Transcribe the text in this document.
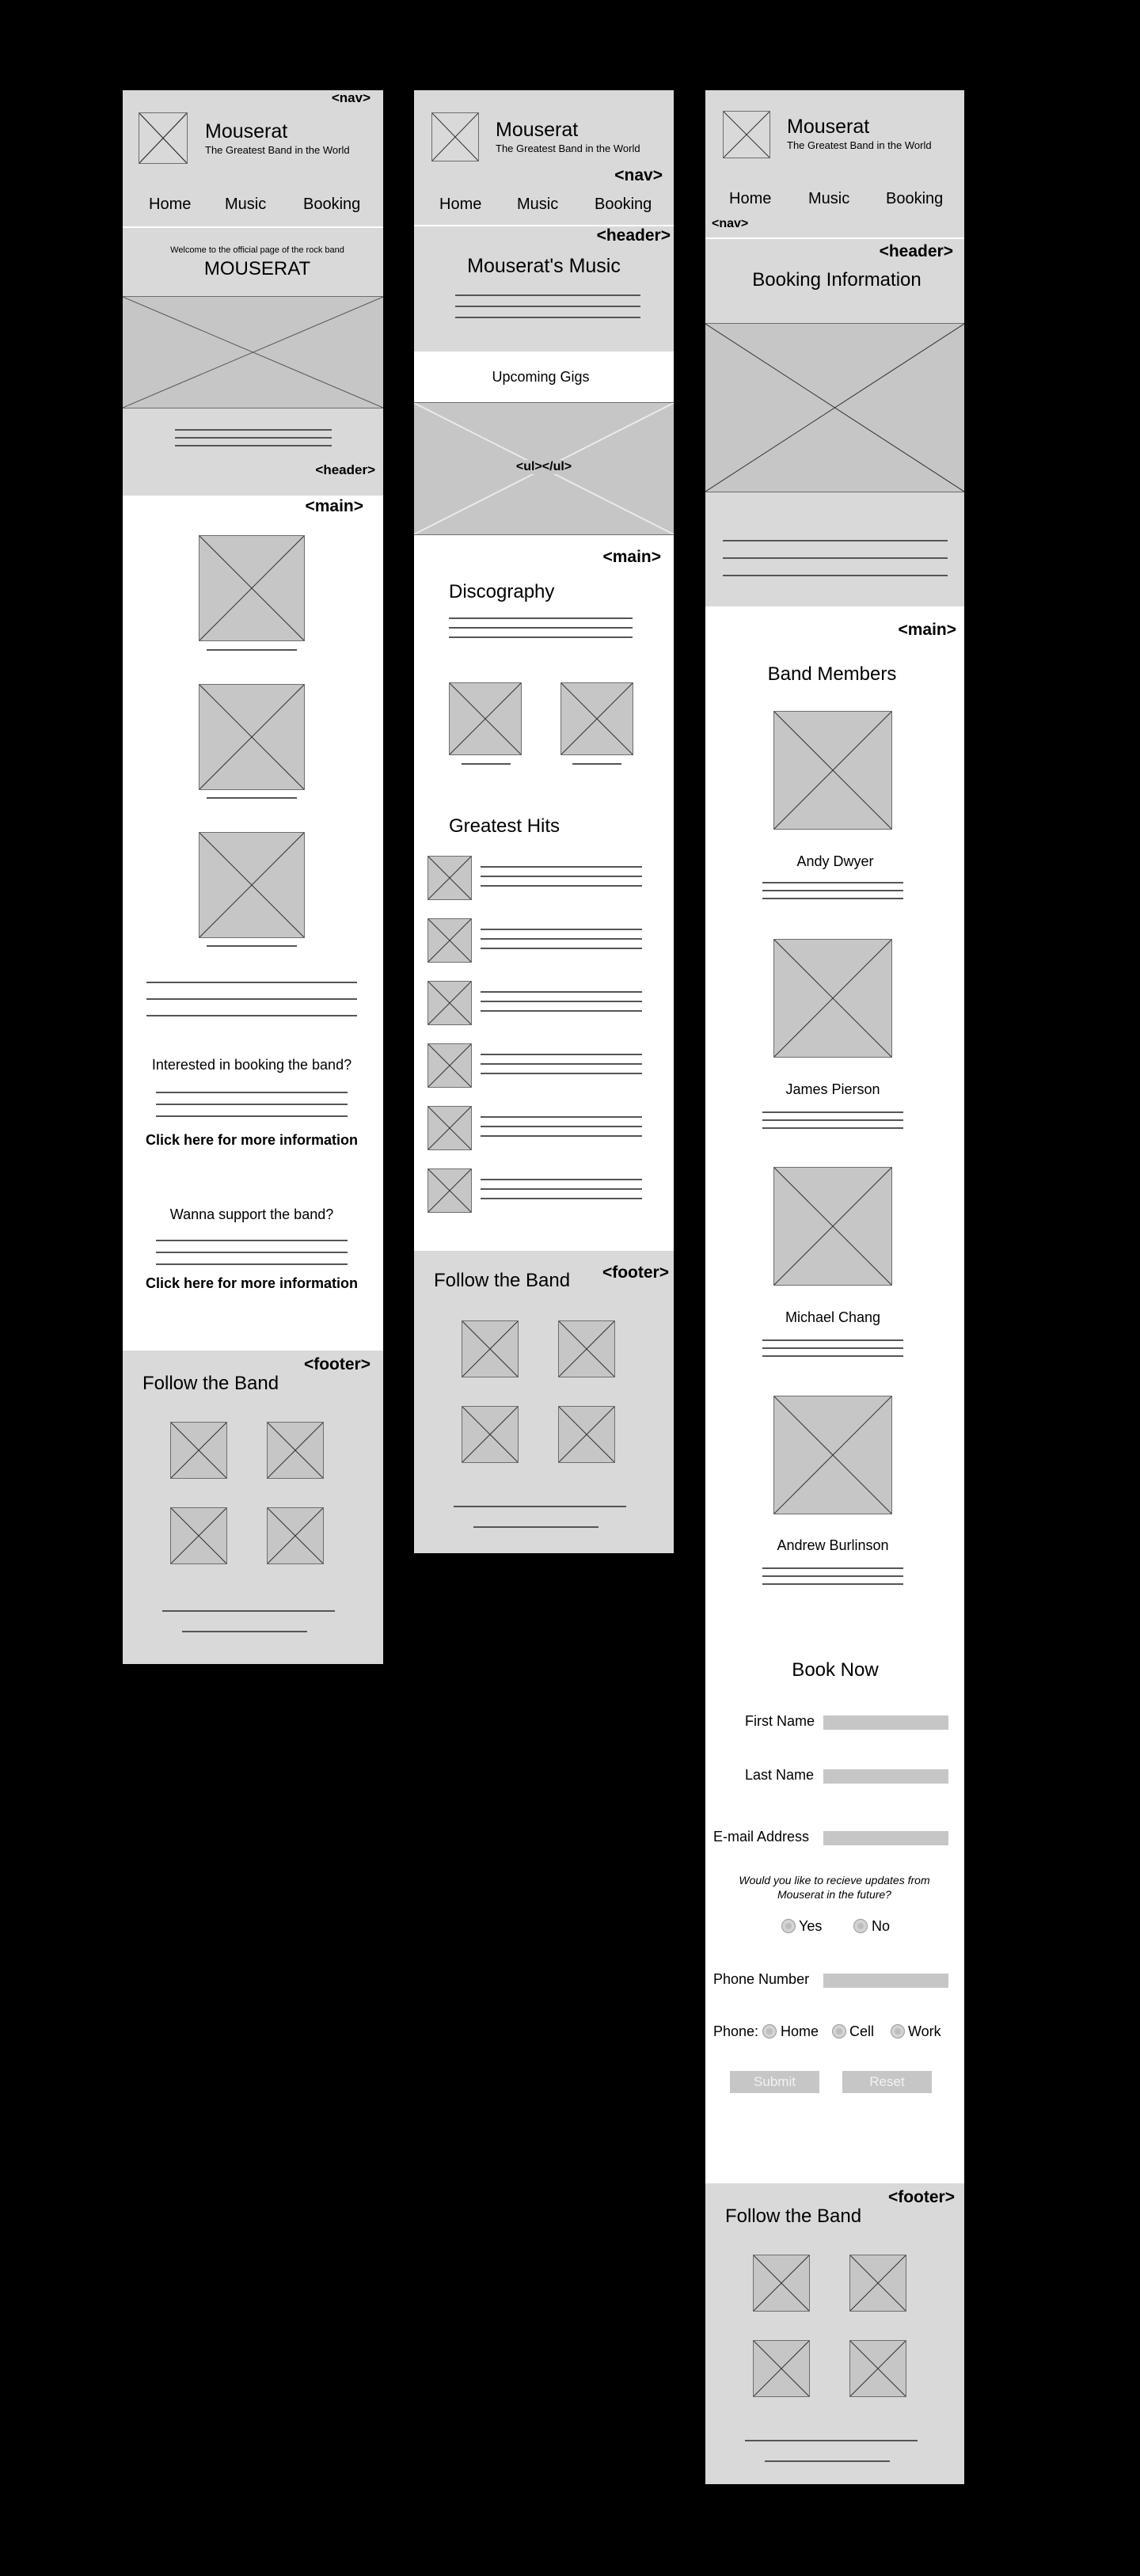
<nav>
Mouserat
The Greatest Band in the World
Home Music Booking
Welcome to the official page of the rock band
MOUSERAT
<header>
<main>
Interested in booking the band?
Click here for more information
Wanna support the band?
Click here for more information
<footer>
Follow the Band
Mouserat
The Greatest Band in the World
<nav>
Home Music Booking
<header>
Mouserat's Music
Upcoming Gigs
<ul></ul>
<main>
Discography
Greatest Hits
<footer>
Follow the Band
Mouserat
The Greatest Band in the World
Home Music Booking
<nav>
<header>
Booking Information
<main>
Band Members
Andy Dwyer
James Pierson
Michael Chang
Andrew Burlinson
Book Now
First Name
Last Name
E-mail Address
Would you like to recieve updates from Mouserat in the future?
Yes	No
Phone Number
Phone: Home Cell Work
Submit	Reset
<footer>
Follow the Band
